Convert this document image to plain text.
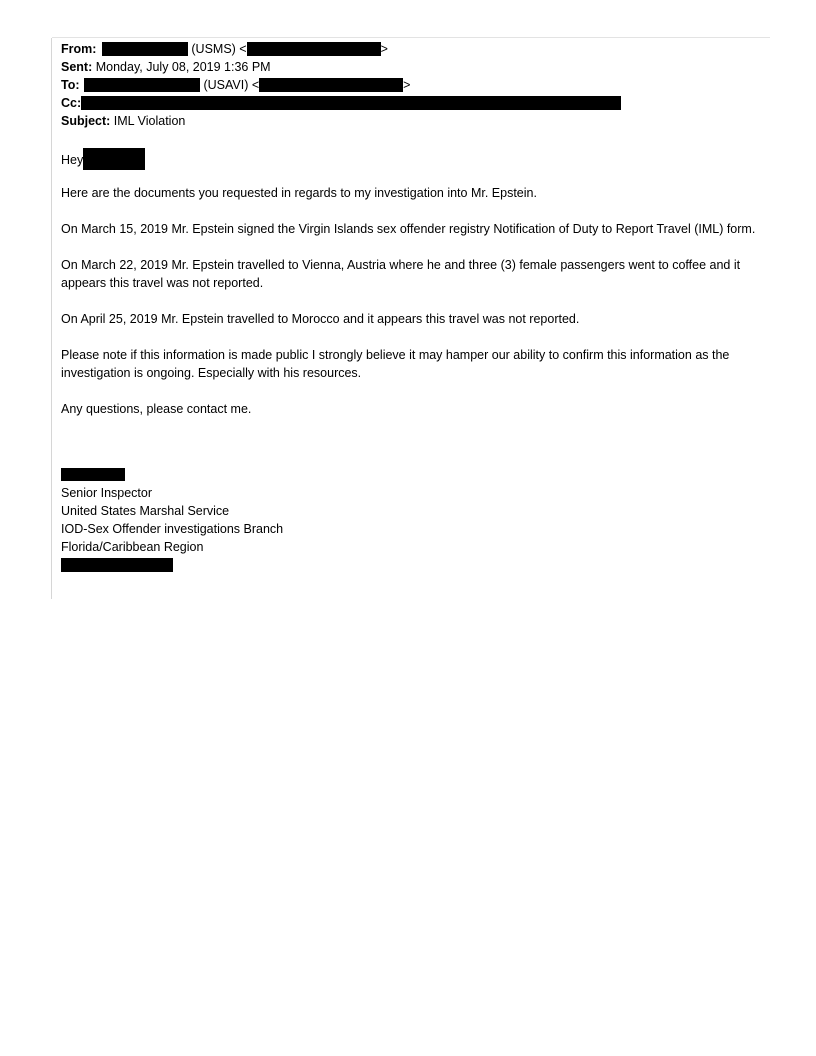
From:	(USMS) <	>
Sent: Monday, July 08, 2019 1:36 PM
To:	(USAVI) <	>
Cc:
Subject: IML Violation
Hey

Here are the documents you requested in regards to my investigation into Mr. Epstein.

On March 15, 2019 Mr. Epstein signed the Virgin Islands sex offender registry Notification of Duty to Report Travel (IML) form.

On March 22, 2019 Mr. Epstein travelled to Vienna, Austria where he and three (3) female passengers went to coffee and it appears this travel was not reported.

On April 25, 2019 Mr. Epstein travelled to Morocco and it appears this travel was not reported.

Please note if this information is made public I strongly believe it may hamper our ability to confirm this information as the investigation is ongoing. Especially with his resources.

Any questions, please contact me.

Senior Inspector
United States Marshal Service
IOD-Sex Offender investigations Branch
Florida/Caribbean Region
